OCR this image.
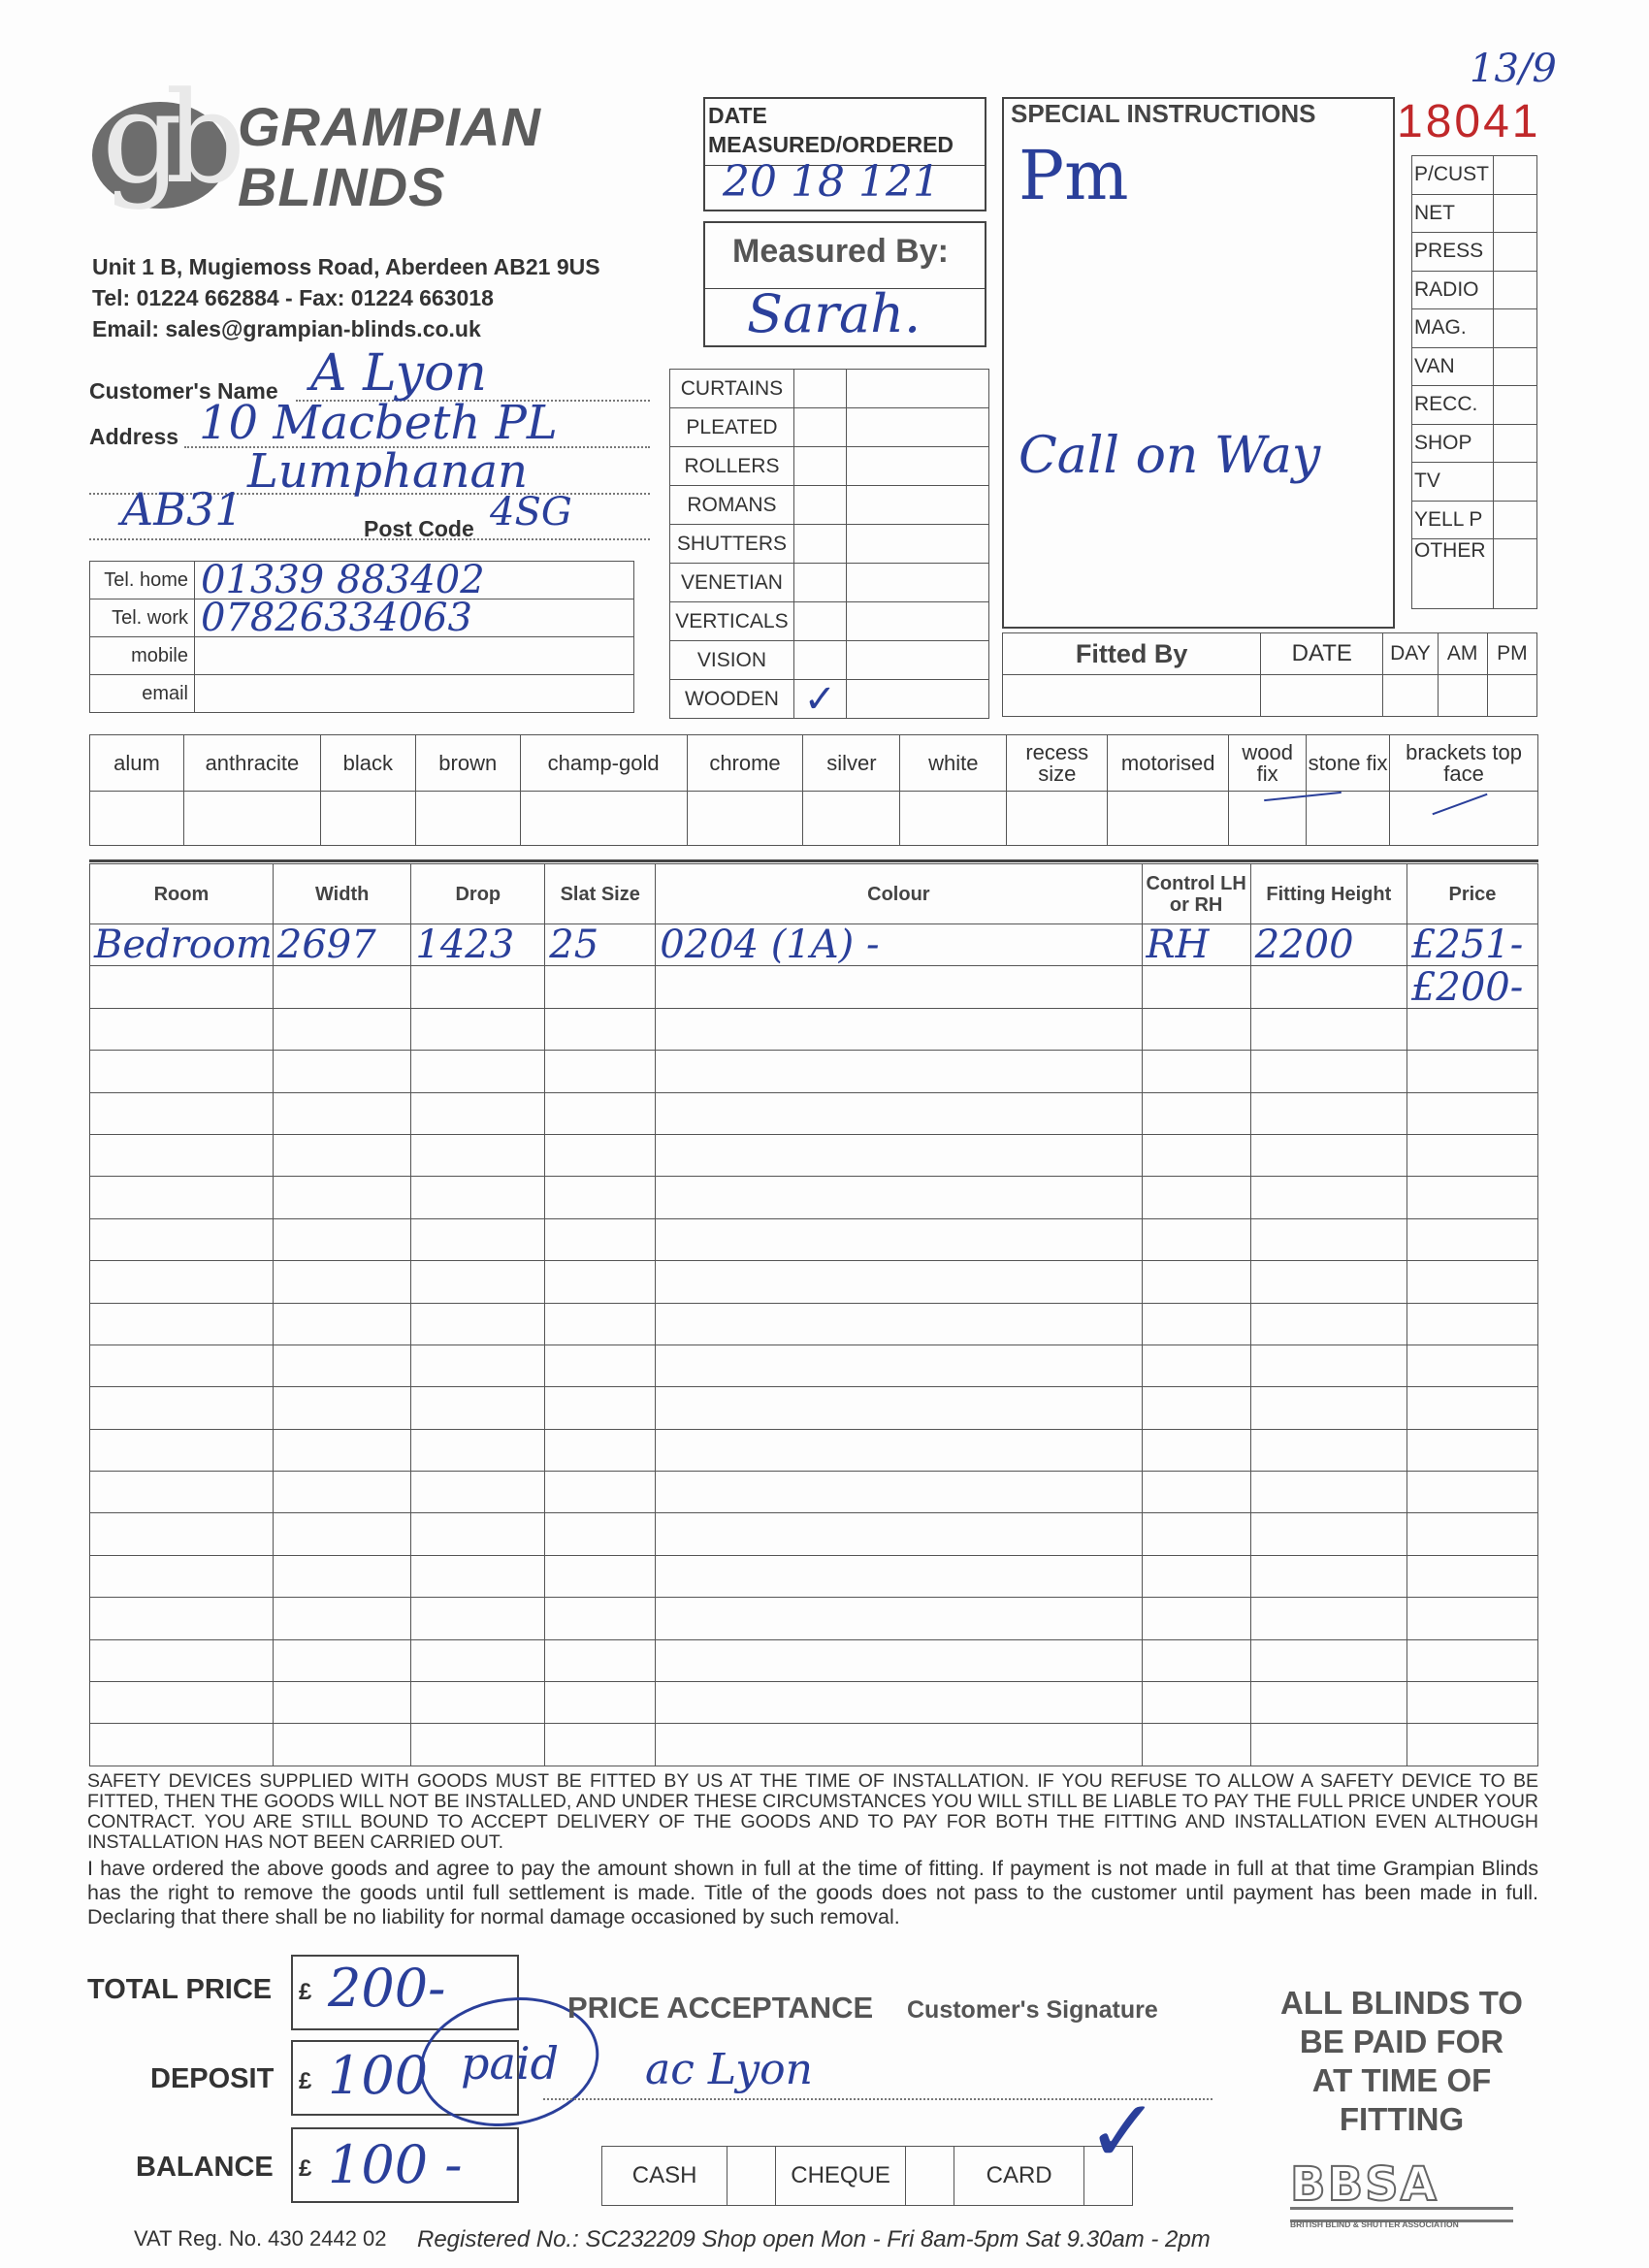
gb GRAMPIAN
BLINDS
Unit 1 B, Mugiemoss Road, Aberdeen AB21 9US
Tel: 01224 662884 - Fax: 01224 663018
Email: sales@grampian-blinds.co.uk
Customer's Name A Lyon
Address 10 Macbeth PL
Lumphanan
AB31	Post Code 4SG
Tel. home	01339 883402
Tel. work	07826334063
mobile	
email	
DATE
MEASURED/ORDERED
20 18 121
Measured By:
Sarah.
CURTAINS		
PLEATED		
ROLLERS		
ROMANS		
SHUTTERS		
VENETIAN		
VERTICALS		
VISION		
WOODEN	✓	
SPECIAL INSTRUCTIONS
Pm
Call on Way
13/9
18041
P/CUST	
NET	
PRESS	
RADIO	
MAG.	
VAN	
RECC.	
SHOP	
TV	
YELL P	
OTHER	
Fitted By	DATE	DAY	AM	PM

alum	anthracite	black	brown	champ-gold	chrome	silver	white	recess size	motorised	wood fix	stone fix	brackets top   face

Room	Width	Drop	Slat Size	Colour	Control LH or RH	Fitting Height	Price
Bedroom	2697	1423	25	0204 (1A) -	RH	2200	£251-
							£200-

SAFETY DEVICES SUPPLIED WITH GOODS MUST BE FITTED BY US AT THE TIME OF INSTALLATION. IF YOU REFUSE TO ALLOW A SAFETY DEVICE TO BE FITTED, THEN THE GOODS WILL NOT BE INSTALLED, AND UNDER THESE CIRCUMSTANCES YOU WILL STILL BE LIABLE TO PAY THE FULL PRICE UNDER YOUR CONTRACT. YOU ARE STILL BOUND TO ACCEPT DELIVERY OF THE GOODS AND TO PAY FOR BOTH THE FITTING AND INSTALLATION EVEN ALTHOUGH INSTALLATION HAS NOT BEEN CARRIED OUT.
I have ordered the above goods and agree to pay the amount shown in full at the time of fitting. If payment is not made in full at that time Grampian Blinds has the right to remove the goods until full settlement is made. Title of the goods does not pass to the customer until payment has been made in full. Declaring that there shall be no liability for normal damage occasioned by such removal.
TOTAL PRICE £ 200-
DEPOSIT £ 100 paid
BALANCE £ 100 -
PRICE ACCEPTANCE Customer's Signature
ac Lyon
CASH		CHEQUE		CARD	✓
ALL BLINDS TO
BE PAID FOR
AT TIME OF
FITTING
BBSA
BRITISH BLIND & SHUTTER ASSOCIATION
VAT Reg. No. 430 2442 02 Registered No.: SC232209 Shop open Mon - Fri 8am-5pm Sat 9.30am - 2pm
